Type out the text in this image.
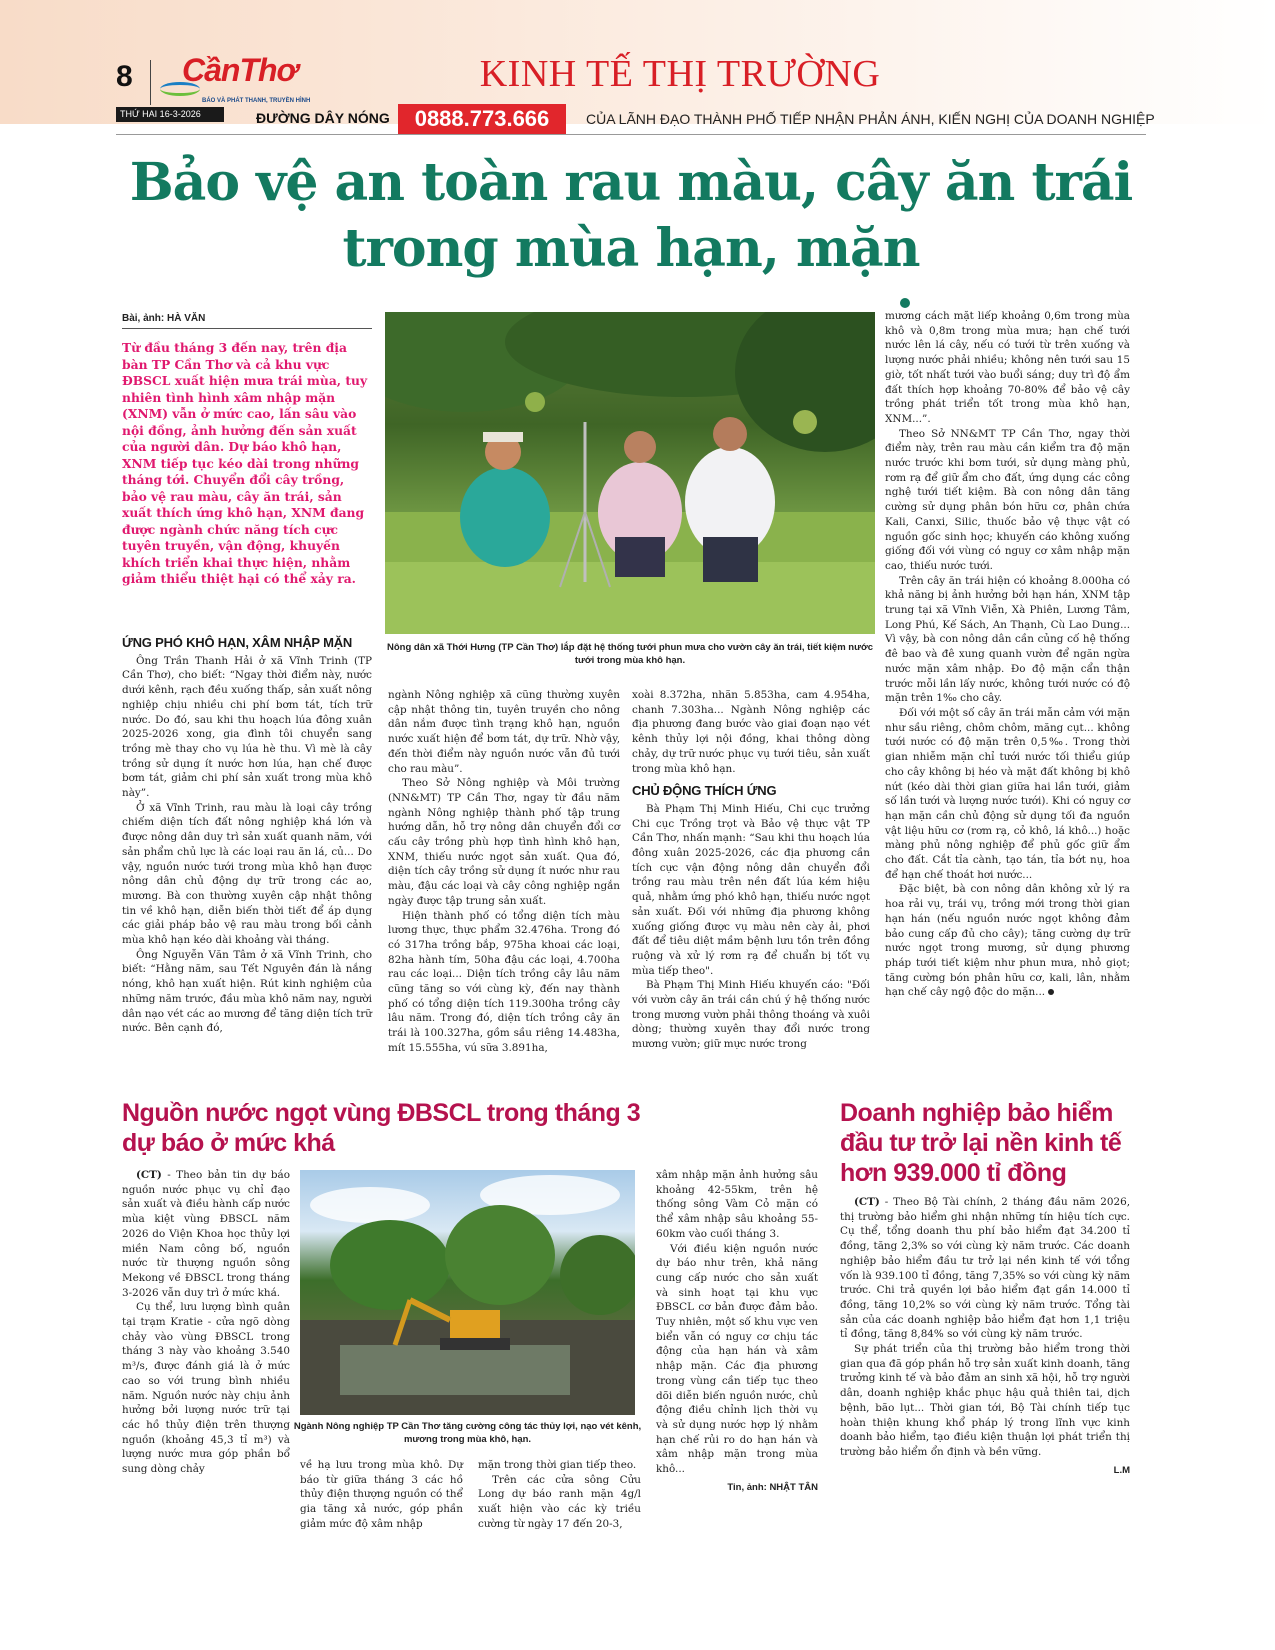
8 CầnThơ
BÁO VÀ PHÁT THANH, TRUYỀN HÌNH
KINH TẾ THỊ TRƯỜNG
THỨ HAI 16-3-2026	ĐƯỜNG DÂY NÓNG	0888.773.666	CỦA LÃNH ĐẠO THÀNH PHỐ TIẾP NHẬN PHẢN ÁNH, KIẾN NGHỊ CỦA DOANH NGHIỆP
Bảo vệ an toàn rau màu, cây ăn trái
trong mùa hạn, mặn
Bài, ảnh: HÀ VĂN
Từ đầu tháng 3 đến nay, trên địa bàn TP Cần Thơ và cả khu vực ĐBSCL xuất hiện mưa trái mùa, tuy nhiên tình hình xâm nhập mặn (XNM) vẫn ở mức cao, lấn sâu vào nội đồng, ảnh hưởng đến sản xuất của người dân. Dự báo khô hạn, XNM tiếp tục kéo dài trong những tháng tới. Chuyển đổi cây trồng, bảo vệ rau màu, cây ăn trái, sản xuất thích ứng khô hạn, XNM đang được ngành chức năng tích cực tuyên truyền, vận động, khuyến khích triển khai thực hiện, nhằm giảm thiểu thiệt hại có thể xảy ra.
Nông dân xã Thới Hưng (TP Cần Thơ) lắp đặt hệ thống tưới phun mưa cho vườn cây ăn trái, tiết kiệm nước tưới trong mùa khô hạn.
ỨNG PHÓ KHÔ HẠN, XÂM NHẬP MẶN

Ông Trần Thanh Hải ở xã Vĩnh Trinh (TP Cần Thơ), cho biết: “Ngay thời điểm này, nước dưới kênh, rạch đều xuống thấp, sản xuất nông nghiệp chịu nhiều chi phí bơm tát, tích trữ nước. Do đó, sau khi thu hoạch lúa đông xuân 2025-2026 xong, gia đình tôi chuyển sang trồng mè thay cho vụ lúa hè thu. Vì mè là cây trồng sử dụng ít nước hơn lúa, hạn chế được bơm tát, giảm chi phí sản xuất trong mùa khô này”.

Ở xã Vĩnh Trinh, rau màu là loại cây trồng chiếm diện tích đất nông nghiệp khá lớn và được nông dân duy trì sản xuất quanh năm, với sản phẩm chủ lực là các loại rau ăn lá, củ... Do vậy, nguồn nước tưới trong mùa khô hạn được nông dân chủ động dự trữ trong các ao, mương. Bà con thường xuyên cập nhật thông tin về khô hạn, diễn biến thời tiết để áp dụng các giải pháp bảo vệ rau màu trong bối cảnh mùa khô hạn kéo dài khoảng vài tháng.

Ông Nguyễn Văn Tâm ở xã Vĩnh Trinh, cho biết: “Hằng năm, sau Tết Nguyên đán là nắng nóng, khô hạn xuất hiện. Rút kinh nghiệm của những năm trước, đầu mùa khô năm nay, người dân nạo vét các ao mương để tăng diện tích trữ nước. Bên cạnh đó,

ngành Nông nghiệp xã cũng thường xuyên cập nhật thông tin, tuyên truyền cho nông dân nắm được tình trạng khô hạn, nguồn nước xuất hiện để bơm tát, dự trữ. Nhờ vậy, đến thời điểm này nguồn nước vẫn đủ tưới cho rau màu”.

Theo Sở Nông nghiệp và Môi trường (NN&MT) TP Cần Thơ, ngay từ đầu năm ngành Nông nghiệp thành phố tập trung hướng dẫn, hỗ trợ nông dân chuyển đổi cơ cấu cây trồng phù hợp tình hình khô hạn, XNM, thiếu nước ngọt sản xuất. Qua đó, diện tích cây trồng sử dụng ít nước như rau màu, đậu các loại và cây công nghiệp ngắn ngày được tập trung sản xuất.

Hiện thành phố có tổng diện tích màu lương thực, thực phẩm 32.476ha. Trong đó có 317ha trồng bắp, 975ha khoai các loại, 82ha hành tím, 50ha đậu các loại, 4.700ha rau các loại... Diện tích trồng cây lâu năm cũng tăng so với cùng kỳ, đến nay thành phố có tổng diện tích 119.300ha trồng cây lâu năm. Trong đó, diện tích trồng cây ăn trái là 100.327ha, gồm sầu riêng 14.483ha, mít 15.555ha, vú sữa 3.891ha,

xoài 8.372ha, nhãn 5.853ha, cam 4.954ha, chanh 7.303ha... Ngành Nông nghiệp các địa phương đang bước vào giai đoạn nạo vét kênh thủy lợi nội đồng, khai thông dòng chảy, dự trữ nước phục vụ tưới tiêu, sản xuất trong mùa khô hạn.

CHỦ ĐỘNG THÍCH ỨNG

Bà Phạm Thị Minh Hiếu, Chi cục trưởng Chi cục Trồng trọt và Bảo vệ thực vật TP Cần Thơ, nhấn mạnh: “Sau khi thu hoạch lúa đông xuân 2025-2026, các địa phương cần tích cực vận động nông dân chuyển đổi trồng rau màu trên nền đất lúa kém hiệu quả, nhằm ứng phó khô hạn, thiếu nước ngọt sản xuất. Đối với những địa phương không xuống giống được vụ màu nên cày ải, phơi đất để tiêu diệt mầm bệnh lưu tồn trên đồng ruộng và xử lý rơm rạ để chuẩn bị tốt vụ mùa tiếp theo".

Bà Phạm Thị Minh Hiếu khuyến cáo: "Đối với vườn cây ăn trái cần chú ý hệ thống nước trong mương vườn phải thông thoáng và xuôi dòng; thường xuyên thay đổi nước trong mương vườn; giữ mực nước trong

mương cách mặt liếp khoảng 0,6m trong mùa khô và 0,8m trong mùa mưa; hạn chế tưới nước lên lá cây, nếu có tưới từ trên xuống và lượng nước phải nhiều; không nên tưới sau 15 giờ, tốt nhất tưới vào buổi sáng; duy trì độ ẩm đất thích hợp khoảng 70-80% để bảo vệ cây trồng phát triển tốt trong mùa khô hạn, XNM...”.

Theo Sở NN&MT TP Cần Thơ, ngay thời điểm này, trên rau màu cần kiểm tra độ mặn nước trước khi bơm tưới, sử dụng màng phủ, rơm rạ để giữ ẩm cho đất, ứng dụng các công nghệ tưới tiết kiệm. Bà con nông dân tăng cường sử dụng phân bón hữu cơ, phân chứa Kali, Canxi, Silic, thuốc bảo vệ thực vật có nguồn gốc sinh học; khuyến cáo không xuống giống đối với vùng có nguy cơ xâm nhập mặn cao, thiếu nước tưới.

Trên cây ăn trái hiện có khoảng 8.000ha có khả năng bị ảnh hưởng bởi hạn hán, XNM tập trung tại xã Vĩnh Viễn, Xà Phiên, Lương Tâm, Long Phú, Kế Sách, An Thạnh, Cù Lao Dung... Vì vậy, bà con nông dân cần củng cố hệ thống đê bao và đê xung quanh vườn để ngăn ngừa nước mặn xâm nhập. Đo độ mặn cẩn thận trước mỗi lần lấy nước, không tưới nước có độ mặn trên 1‰ cho cây.

Đối với một số cây ăn trái mẫn cảm với mặn như sầu riêng, chôm chôm, măng cụt... không tưới nước có độ mặn trên 0,5‰. Trong thời gian nhiễm mặn chỉ tưới nước tối thiểu giúp cho cây không bị héo và mặt đất không bị khô nứt (kéo dài thời gian giữa hai lần tưới, giảm số lần tưới và lượng nước tưới). Khi có nguy cơ hạn mặn cần chủ động sử dụng tối đa nguồn vật liệu hữu cơ (rơm rạ, cỏ khô, lá khô...) hoặc màng phủ nông nghiệp để phủ gốc giữ ẩm cho đất. Cắt tỉa cành, tạo tán, tỉa bớt nụ, hoa để hạn chế thoát hơi nước...

Đặc biệt, bà con nông dân không xử lý ra hoa rải vụ, trái vụ, trồng mới trong thời gian hạn hán (nếu nguồn nước ngọt không đảm bảo cung cấp đủ cho cây); tăng cường dự trữ nước ngọt trong mương, sử dụng phương pháp tưới tiết kiệm như phun mưa, nhỏ giọt; tăng cường bón phân hữu cơ, kali, lân, nhằm hạn chế cây ngộ độc do mặn...

Nguồn nước ngọt vùng ĐBSCL trong tháng 3 dự báo ở mức khá

(CT) - Theo bản tin dự báo nguồn nước phục vụ chỉ đạo sản xuất và điều hành cấp nước mùa kiệt vùng ĐBSCL năm 2026 do Viện Khoa học thủy lợi miền Nam công bố, nguồn nước từ thượng nguồn sông Mekong về ĐBSCL trong tháng 3-2026 vẫn duy trì ở mức khá.

Cụ thể, lưu lượng bình quân tại trạm Kratie - cửa ngõ dòng chảy vào vùng ĐBSCL trong tháng 3 này vào khoảng 3.540 m³/s, được đánh giá là ở mức cao so với trung bình nhiều năm. Nguồn nước này chịu ảnh hưởng bởi lượng nước trữ tại các hồ thủy điện trên thượng nguồn (khoảng 45,3 tỉ m³) và lượng nước mưa góp phần bổ sung dòng chảy

Ngành Nông nghiệp TP Cần Thơ tăng cường công tác thủy lợi, nạo vét kênh, mương trong mùa khô, hạn.

về hạ lưu trong mùa khô. Dự báo từ giữa tháng 3 các hồ thủy điện thượng nguồn có thể gia tăng xả nước, góp phần giảm mức độ xâm nhập

mặn trong thời gian tiếp theo.

Trên các cửa sông Cửu Long dự báo ranh mặn 4g/l xuất hiện vào các kỳ triều cường từ ngày 17 đến 20-3,

xâm nhập mặn ảnh hưởng sâu khoảng 42-55km, trên hệ thống sông Vàm Cỏ mặn có thể xâm nhập sâu khoảng 55-60km vào cuối tháng 3.

Với điều kiện nguồn nước dự báo như trên, khả năng cung cấp nước cho sản xuất và sinh hoạt tại khu vực ĐBSCL cơ bản được đảm bảo. Tuy nhiên, một số khu vực ven biển vẫn có nguy cơ chịu tác động của hạn hán và xâm nhập mặn. Các địa phương trong vùng cần tiếp tục theo dõi diễn biến nguồn nước, chủ động điều chỉnh lịch thời vụ và sử dụng nước hợp lý nhằm hạn chế rủi ro do hạn hán và xâm nhập mặn trong mùa khô...

Tin, ảnh: NHẬT TÂN
Doanh nghiệp bảo hiểm đầu tư trở lại nền kinh tế hơn 939.000 tỉ đồng

(CT) - Theo Bộ Tài chính, 2 tháng đầu năm 2026, thị trường bảo hiểm ghi nhận những tín hiệu tích cực. Cụ thể, tổng doanh thu phí bảo hiểm đạt 34.200 tỉ đồng, tăng 2,3% so với cùng kỳ năm trước. Các doanh nghiệp bảo hiểm đầu tư trở lại nền kinh tế với tổng vốn là 939.100 tỉ đồng, tăng 7,35% so với cùng kỳ năm trước. Chi trả quyền lợi bảo hiểm đạt gần 14.000 tỉ đồng, tăng 10,2% so với cùng kỳ năm trước. Tổng tài sản của các doanh nghiệp bảo hiểm đạt hơn 1,1 triệu tỉ đồng, tăng 8,84% so với cùng kỳ năm trước.

Sự phát triển của thị trường bảo hiểm trong thời gian qua đã góp phần hỗ trợ sản xuất kinh doanh, tăng trưởng kinh tế và bảo đảm an sinh xã hội, hỗ trợ người dân, doanh nghiệp khắc phục hậu quả thiên tai, dịch bệnh, bão lụt... Thời gian tới, Bộ Tài chính tiếp tục hoàn thiện khung khổ pháp lý trong lĩnh vực kinh doanh bảo hiểm, tạo điều kiện thuận lợi phát triển thị trường bảo hiểm ổn định và bền vững.

L.M
